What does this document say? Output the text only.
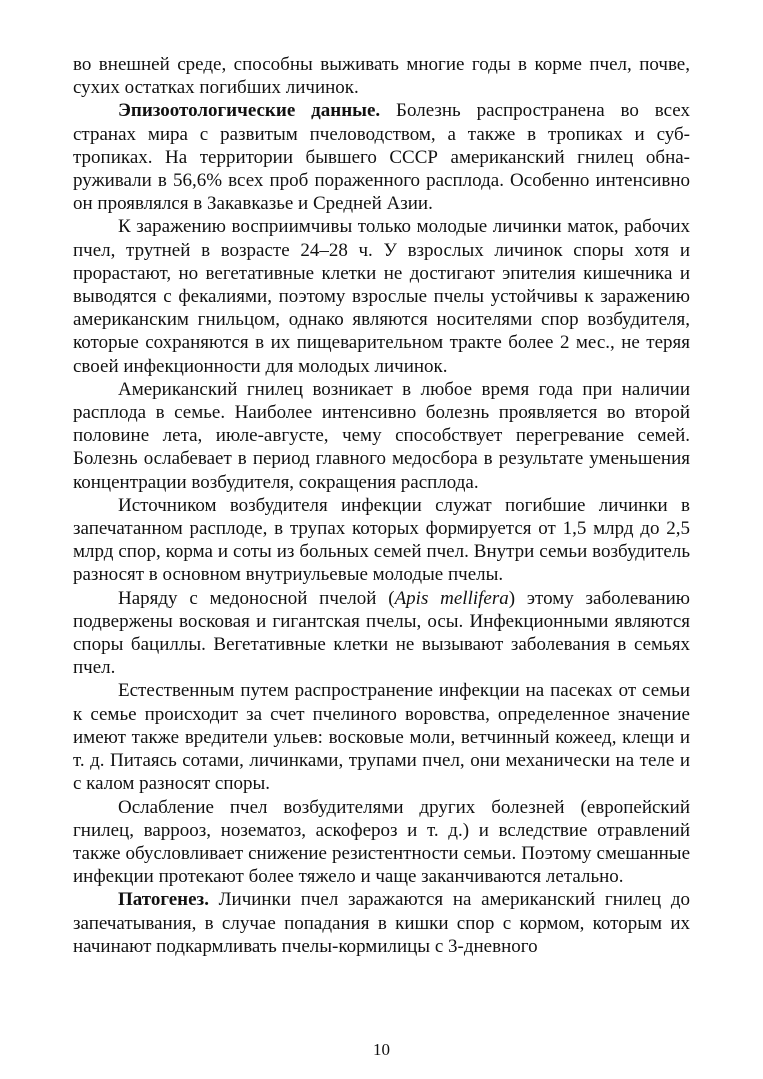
во внешней среде, способны выживать многие годы в корме пчел, почве, сухих остатках погибших личинок.

Эпизоотологические данные. Болезнь распространена во всех странах мира с развитым пчеловодством, а также в тропиках и субтропиках. На территории бывшего СССР американский гнилец обнаруживали в 56,6% всех проб пораженного расплода. Особенно интенсивно он проявлялся в Закавказье и Средней Азии.

К заражению восприимчивы только молодые личинки маток, рабочих пчел, трутней в возрасте 24–28 ч. У взрослых личинок споры хотя и прорастают, но вегетативные клетки не достигают эпителия кишечника и выводятся с фекалиями, поэтому взрослые пчелы устойчивы к заражению американским гнильцом, однако являются носителями спор возбудителя, которые сохраняются в их пищеварительном тракте более 2 мес., не теряя своей инфекционности для молодых личинок.

Американский гнилец возникает в любое время года при наличии расплода в семье. Наиболее интенсивно болезнь проявляется во второй половине лета, июле-августе, чему способствует перегревание семей. Болезнь ослабевает в период главного медосбора в результате уменьшения концентрации возбудителя, сокращения расплода.

Источником возбудителя инфекции служат погибшие личинки в запечатанном расплоде, в трупах которых формируется от 1,5 млрд до 2,5 млрд спор, корма и соты из больных семей пчел. Внутри семьи возбудитель разносят в основном внутриульевые молодые пчелы.

Наряду с медоносной пчелой (Apis mellifera) этому заболеванию подвержены восковая и гигантская пчелы, осы. Инфекционными являются споры бациллы. Вегетативные клетки не вызывают заболевания в семьях пчел.

Естественным путем распространение инфекции на пасеках от семьи к семье происходит за счет пчелиного воровства, определенное значение имеют также вредители ульев: восковые моли, ветчинный кожеед, клещи и т. д. Питаясь сотами, личинками, трупами пчел, они механически на теле и с калом разносят споры.

Ослабление пчел возбудителями других болезней (европейский гнилец, варрооз, нозематоз, аскофероз и т. д.) и вследствие отравлений также обусловливает снижение резистентности семьи. Поэтому смешанные инфекции протекают более тяжело и чаще заканчиваются летально.

Патогенез. Личинки пчел заражаются на американский гнилец до запечатывания, в случае попадания в кишки спор с кормом, которым их начинают подкармливать пчелы-кормилицы с 3-дневного

10
